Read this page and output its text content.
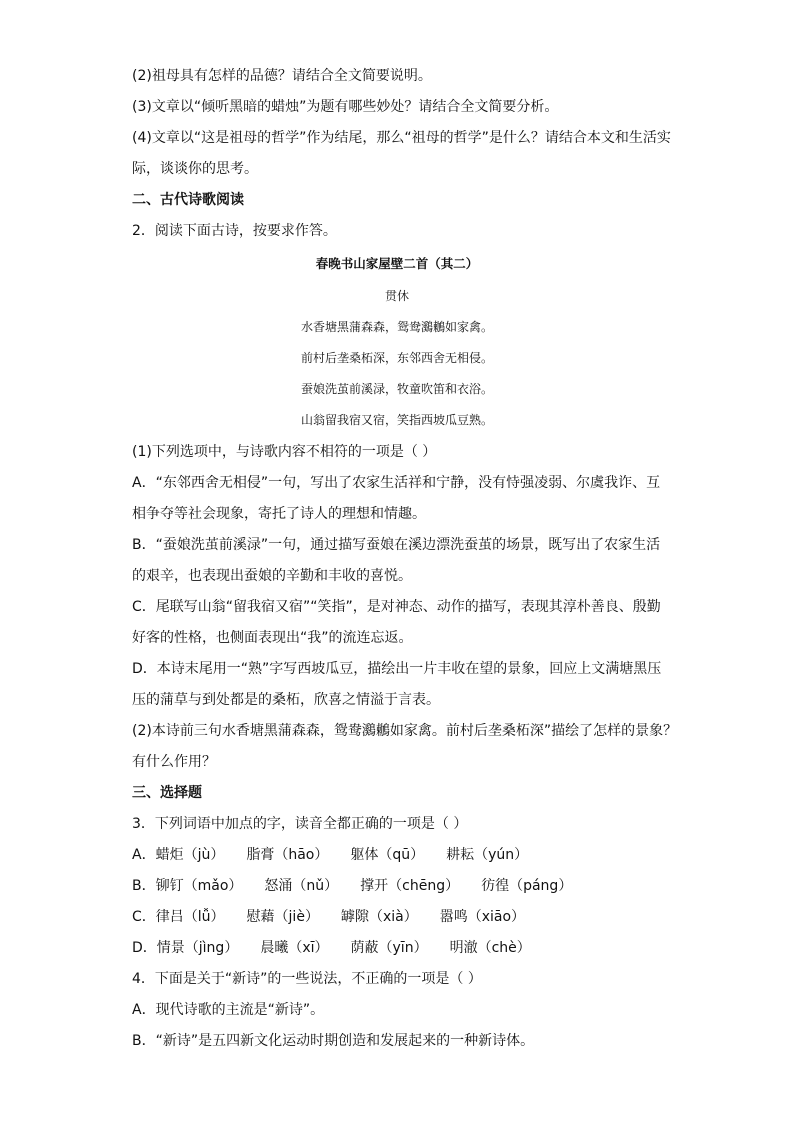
(2)祖母具有怎样的品德？请结合全文简要说明。
(3)文章以“倾听黑暗的蜡烛”为题有哪些妙处？请结合全文简要分析。
(4)文章以“这是祖母的哲学”作为结尾，那么“祖母的哲学”是什么？请结合本文和生活实
际，谈谈你的思考。
二、古代诗歌阅读
2．阅读下面古诗，按要求作答。
春晚书山家屋壁二首（其二）
贯休
水香塘黑蒲森森，鸳鸯鸂鶒如家禽。
前村后垄桑柘深，东邻西舍无相侵。
蚕娘洗茧前溪渌，牧童吹笛和衣浴。
山翁留我宿又宿，笑指西坡瓜豆熟。
(1)下列选项中，与诗歌内容不相符的一项是（ ）
A．“东邻西舍无相侵”一句，写出了农家生活祥和宁静，没有恃强凌弱、尔虞我诈、互
相争夺等社会现象，寄托了诗人的理想和情趣。
B．“蚕娘洗茧前溪渌”一句，通过描写蚕娘在溪边漂洗蚕茧的场景，既写出了农家生活
的艰辛，也表现出蚕娘的辛勤和丰收的喜悦。
C．尾联写山翁“留我宿又宿”“笑指”，是对神态、动作的描写，表现其淳朴善良、殷勤
好客的性格，也侧面表现出“我”的流连忘返。
D．本诗末尾用一“熟”字写西坡瓜豆，描绘出一片丰收在望的景象，回应上文满塘黑压
压的蒲草与到处都是的桑柘，欣喜之情溢于言表。
(2)本诗前三句水香塘黑蒲森森，鸳鸯鸂鶒如家禽。前村后垄桑柘深”描绘了怎样的景象？
有什么作用？
三、选择题
3．下列词语中加点的字，读音全都正确的一项是（ ）
A．蜡炬（jù） 脂膏（hāo） 躯体（qū） 耕耘（yún）
B．铆钉（mǎo） 怒涌（nǔ） 撑开（chēng） 彷徨（páng）
C．律吕（lǚ） 慰藉（jiè） 罅隙（xià） 嚣鸣（xiāo）
D．情景（jìng） 晨曦（xī） 荫蔽（yīn） 明澈（chè）
4．下面是关于“新诗”的一些说法，不正确的一项是（ ）
A．现代诗歌的主流是“新诗”。
B．“新诗”是五四新文化运动时期创造和发展起来的一种新诗体。
